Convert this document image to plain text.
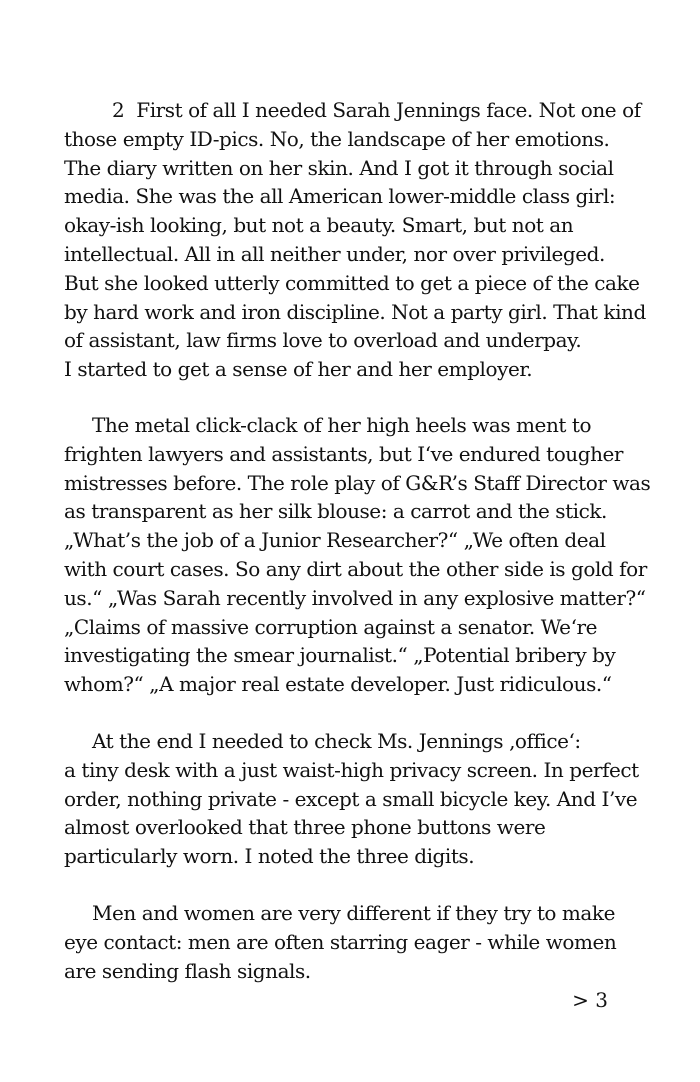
2 First of all I needed Sarah Jennings face. Not one of
those empty ID-pics. No, the landscape of her emotions.
The diary written on her skin. And I got it through social
media. She was the all American lower-middle class girl:
okay-ish looking, but not a beauty. Smart, but not an
intellectual. All in all neither under, nor over privileged.
But she looked utterly committed to get a piece of the cake
by hard work and iron discipline. Not a party girl. That kind
of assistant, law firms love to overload and underpay.
I started to get a sense of her and her employer.
The metal click-clack of her high heels was ment to
frighten lawyers and assistants, but I‘ve endured tougher
mistresses before. The role play of G&R’s Staff Director was
as transparent as her silk blouse: a carrot and the stick.
„What’s the job of a Junior Researcher?“ „We often deal
with court cases. So any dirt about the other side is gold for
us.“ „Was Sarah recently involved in any explosive matter?“
„Claims of massive corruption against a senator. We‘re
investigating the smear journalist.“ „Potential bribery by
whom?“ „A major real estate developer. Just ridiculous.“
At the end I needed to check Ms. Jennings ‚office‘:
a tiny desk with a just waist-high privacy screen. In perfect
order, nothing private - except a small bicycle key. And I’ve
almost overlooked that three phone buttons were
particularly worn. I noted the three digits.
Men and women are very different if they try to make
eye contact: men are often starring eager - while women
are sending flash signals.
> 3
